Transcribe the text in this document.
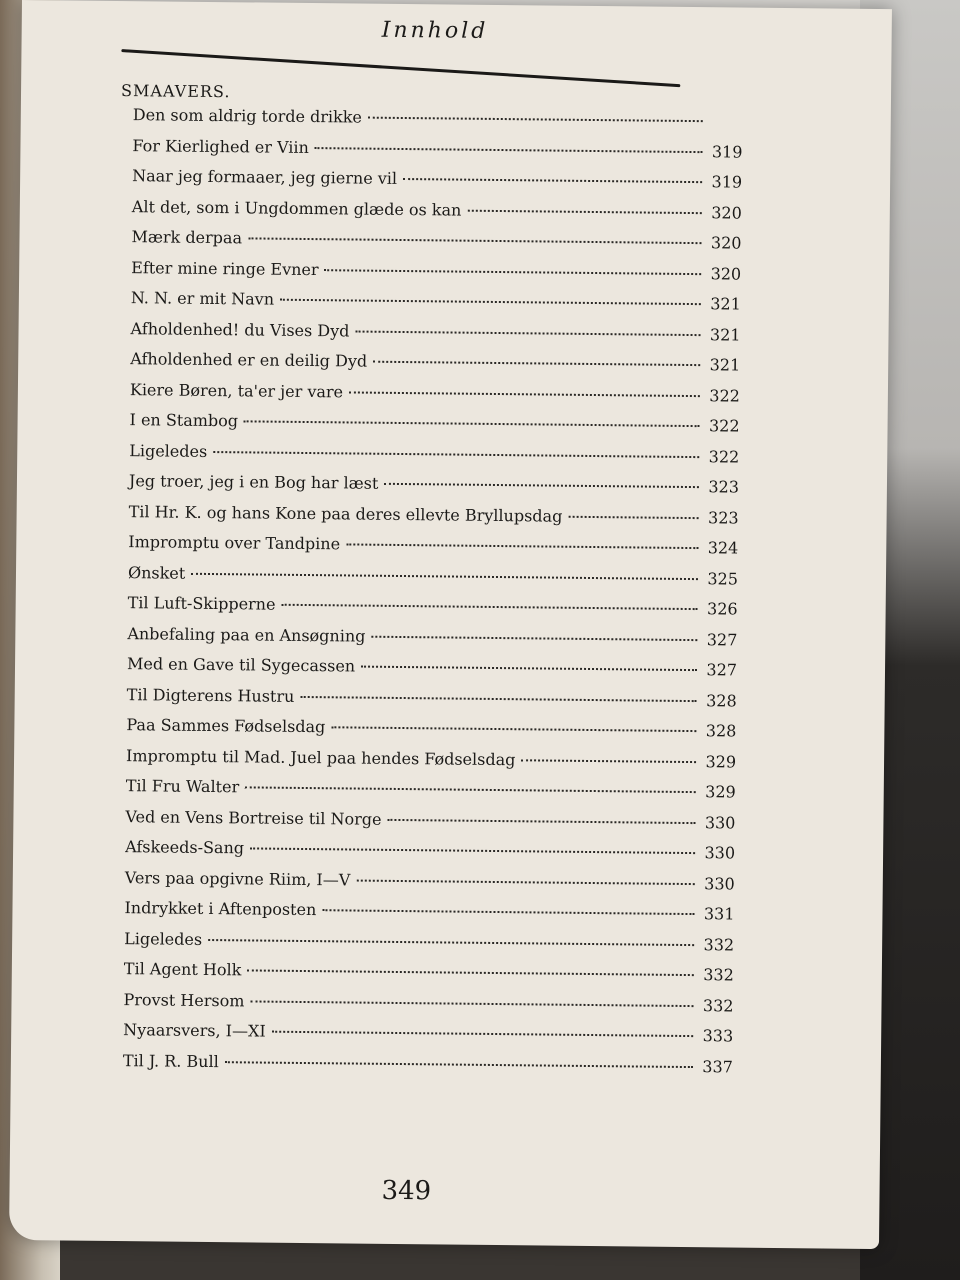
Innhold
SMAAVERS.
Den som aldrig torde drikke
For Kierlighed er Viin	319
Naar jeg formaaer, jeg gierne vil	319
Alt det, som i Ungdommen glæde os kan	320
Mærk derpaa	320
Efter mine ringe Evner	320
N. N. er mit Navn	321
Afholdenhed! du Vises Dyd	321
Afholdenhed er en deilig Dyd	321
Kiere Børen, ta'er jer vare	322
I en Stambog	322
Ligeledes	322
Jeg troer, jeg i en Bog har læst	323
Til Hr. K. og hans Kone paa deres ellevte Bryllupsdag	323
Impromptu over Tandpine	324
Ønsket	325
Til Luft-Skipperne	326
Anbefaling paa en Ansøgning	327
Med en Gave til Sygecassen	327
Til Digterens Hustru	328
Paa Sammes Fødselsdag	328
Impromptu til Mad. Juel paa hendes Fødselsdag	329
Til Fru Walter	329
Ved en Vens Bortreise til Norge	330
Afskeeds-Sang	330
Vers paa opgivne Riim, I—V	330
Indrykket i Aftenposten	331
Ligeledes	332
Til Agent Holk	332
Provst Hersom	332
Nyaarsvers, I—XI	333
Til J. R. Bull	337
349
